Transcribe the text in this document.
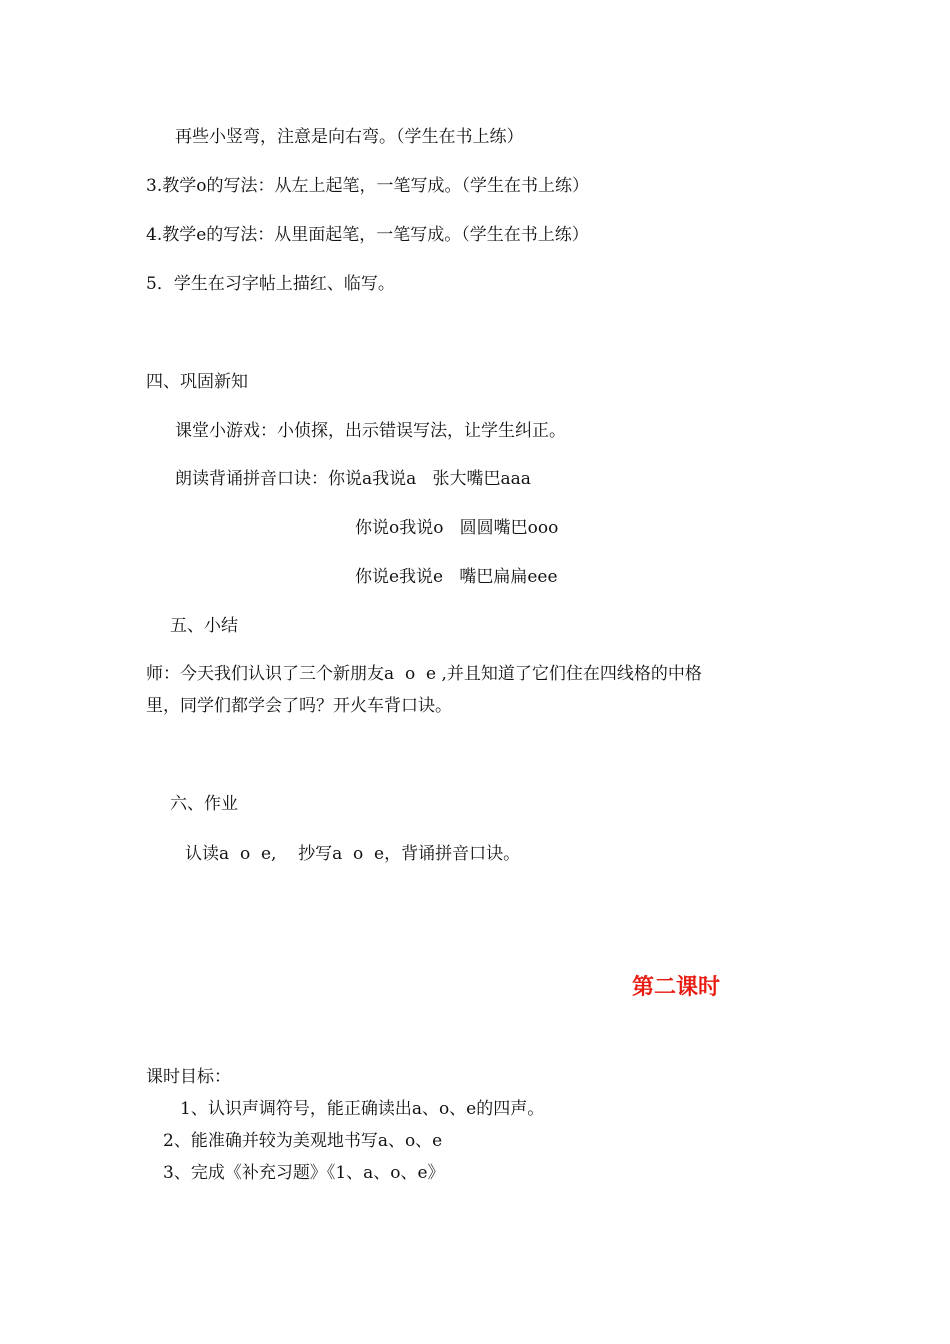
再些小竖弯，注意是向右弯。（学生在书上练）
3.教学o的写法：从左上起笔，一笔写成。（学生在书上练）
4.教学e的写法：从里面起笔，一笔写成。（学生在书上练）
5．学生在习字帖上描红、临写。
四、巩固新知
课堂小游戏：小侦探，出示错误写法，让学生纠正。
朗读背诵拼音口诀：你说a我说a   张大嘴巴aaa
你说o我说o   圆圆嘴巴ooo
你说e我说e   嘴巴扁扁eee
五、小结
师：今天我们认识了三个新朋友a  o  e ,并且知道了它们住在四线格的中格
里，同学们都学会了吗？开火车背口诀。
六、作业
认读a  o  e,    抄写a  o  e，背诵拼音口诀。
第二课时
课时目标：
1、认识声调符号，能正确读出a、o、e的四声。
2、能准确并较为美观地书写a、o、e
3、完成《补充习题》《1、a、o、e》
